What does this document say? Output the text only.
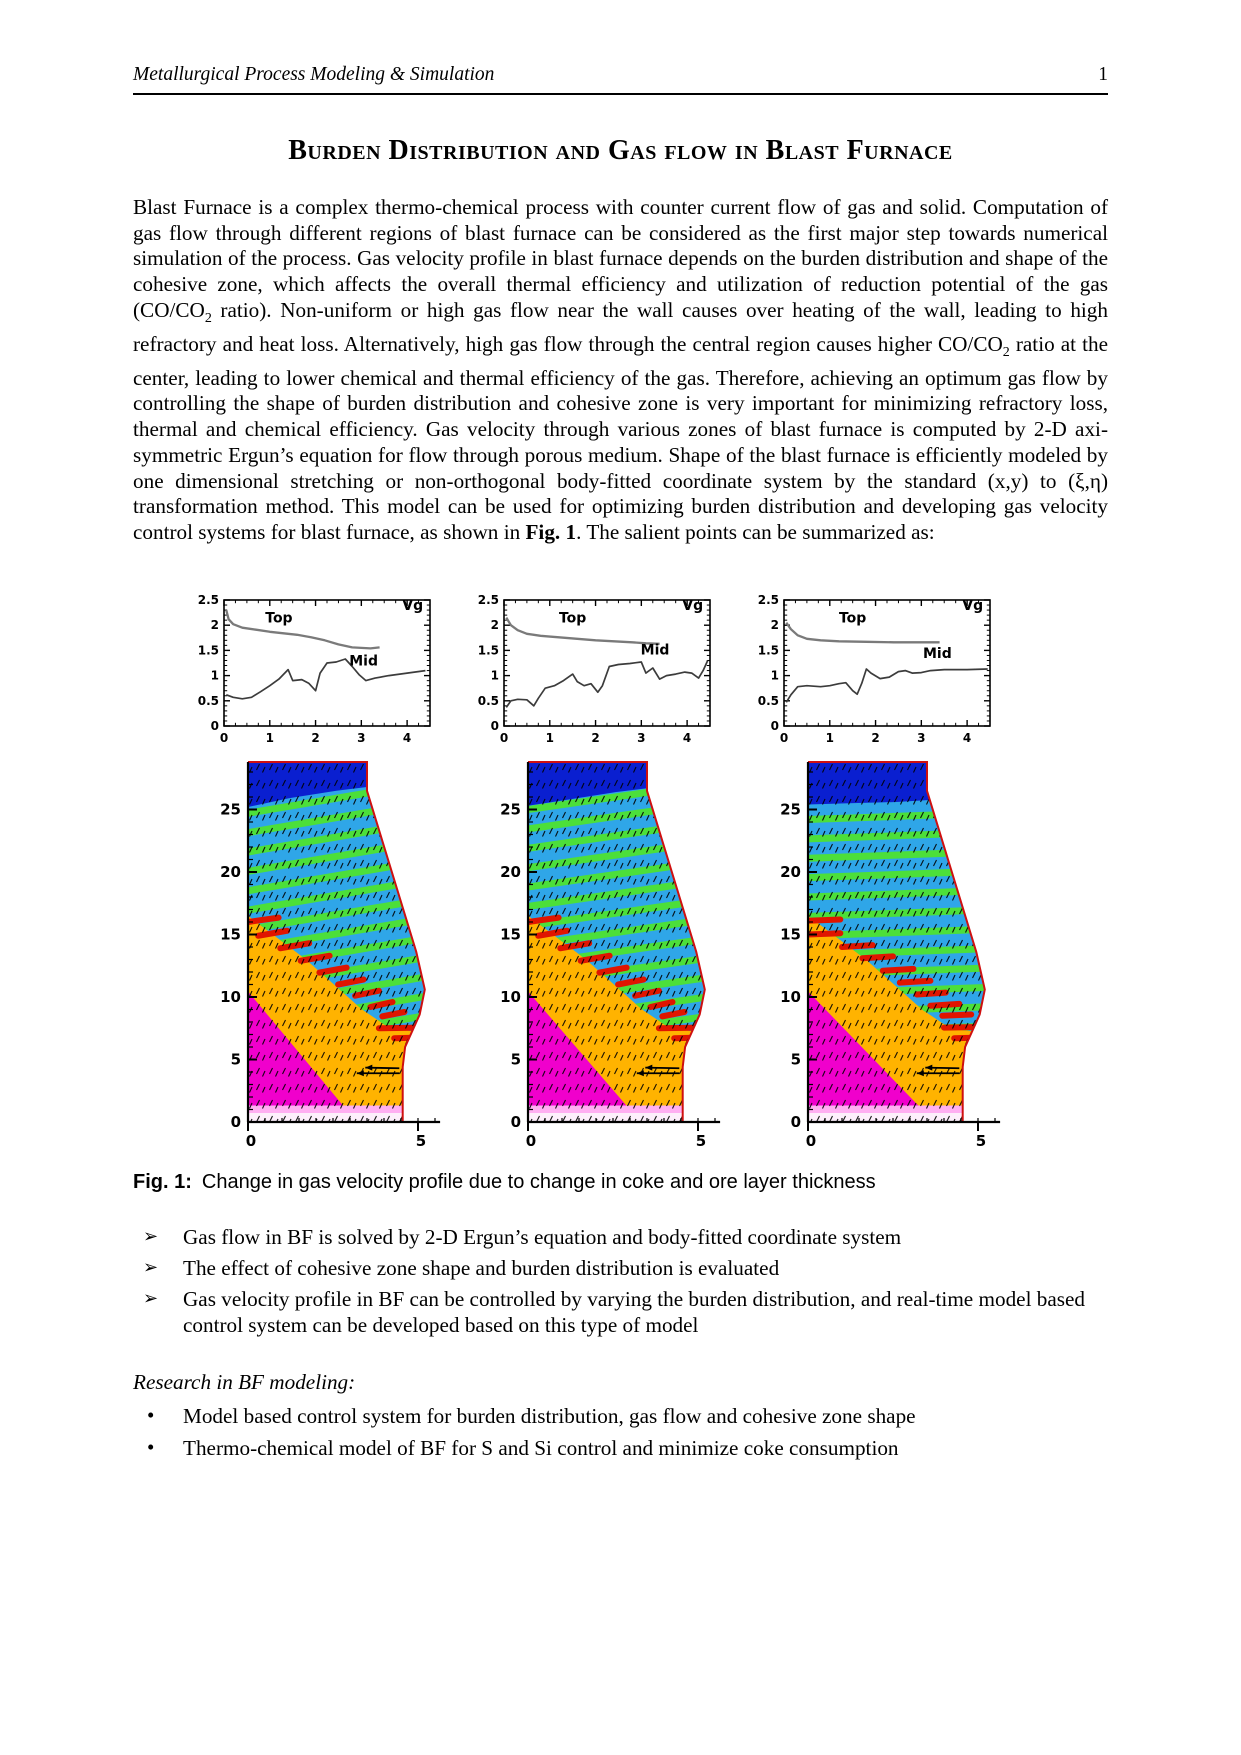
Metallurgical Process Modeling & Simulation	1
Burden Distribution and Gas flow in Blast Furnace

Blast Furnace is a complex thermo-chemical process with counter current flow of gas and solid. Computation of gas flow through different regions of blast furnace can be considered as the first major step towards numerical simulation of the process. Gas velocity profile in blast furnace depends on the burden distribution and shape of the cohesive zone, which affects the overall thermal efficiency and utilization of reduction potential of the gas ($CO/CO_2$ ratio). Non-uniform or high gas flow near the wall causes over heating of the wall, leading to high refractory and heat loss. Alternatively, high gas flow through the central region causes higher $CO/CO_2$ ratio at the center, leading to lower chemical and thermal efficiency of the gas. Therefore, achieving an optimum gas flow by controlling the shape of burden distribution and cohesive zone is very important for minimizing refractory loss, thermal and chemical efficiency. Gas velocity through various zones of blast furnace is computed by 2-D axi-symmetric Ergun’s equation for flow through porous medium. Shape of the blast furnace is efficiently modeled by one dimensional stretching or non-orthogonal body-fitted coordinate system by the standard (x,y) to (ξ,η) transformation method. This model can be used for optimizing burden distribution and developing gas velocity control systems for blast furnace, as shown in Fig. 1. The salient points can be summarized as:

0	1	2	3	4
0
0.5
1
1.5
2
2.5
Top
Mid
Vg
0
5
10
15
20
25
0	5
0	1	2	3	4
0
0.5
1
1.5
2
2.5
Top
Mid
Vg
0
5
10
15
20
25
0	5
0	1	2	3	4
0
0.5
1
1.5
2
2.5
Top
Mid
Vg
0
5
10
15
20
25
0	5
Fig. 1: Change in gas velocity profile due to change in coke and ore layer thickness
➢ Gas flow in BF is solved by 2-D Ergun’s equation and body-fitted coordinate system
➢ The effect of cohesive zone shape and burden distribution is evaluated
➢ Gas velocity profile in BF can be controlled by varying the burden distribution, and real-time model based control system can be developed based on this type of model
Research in BF modeling:
• Model based control system for burden distribution, gas flow and cohesive zone shape
• Thermo-chemical model of BF for S and Si control and minimize coke consumption
